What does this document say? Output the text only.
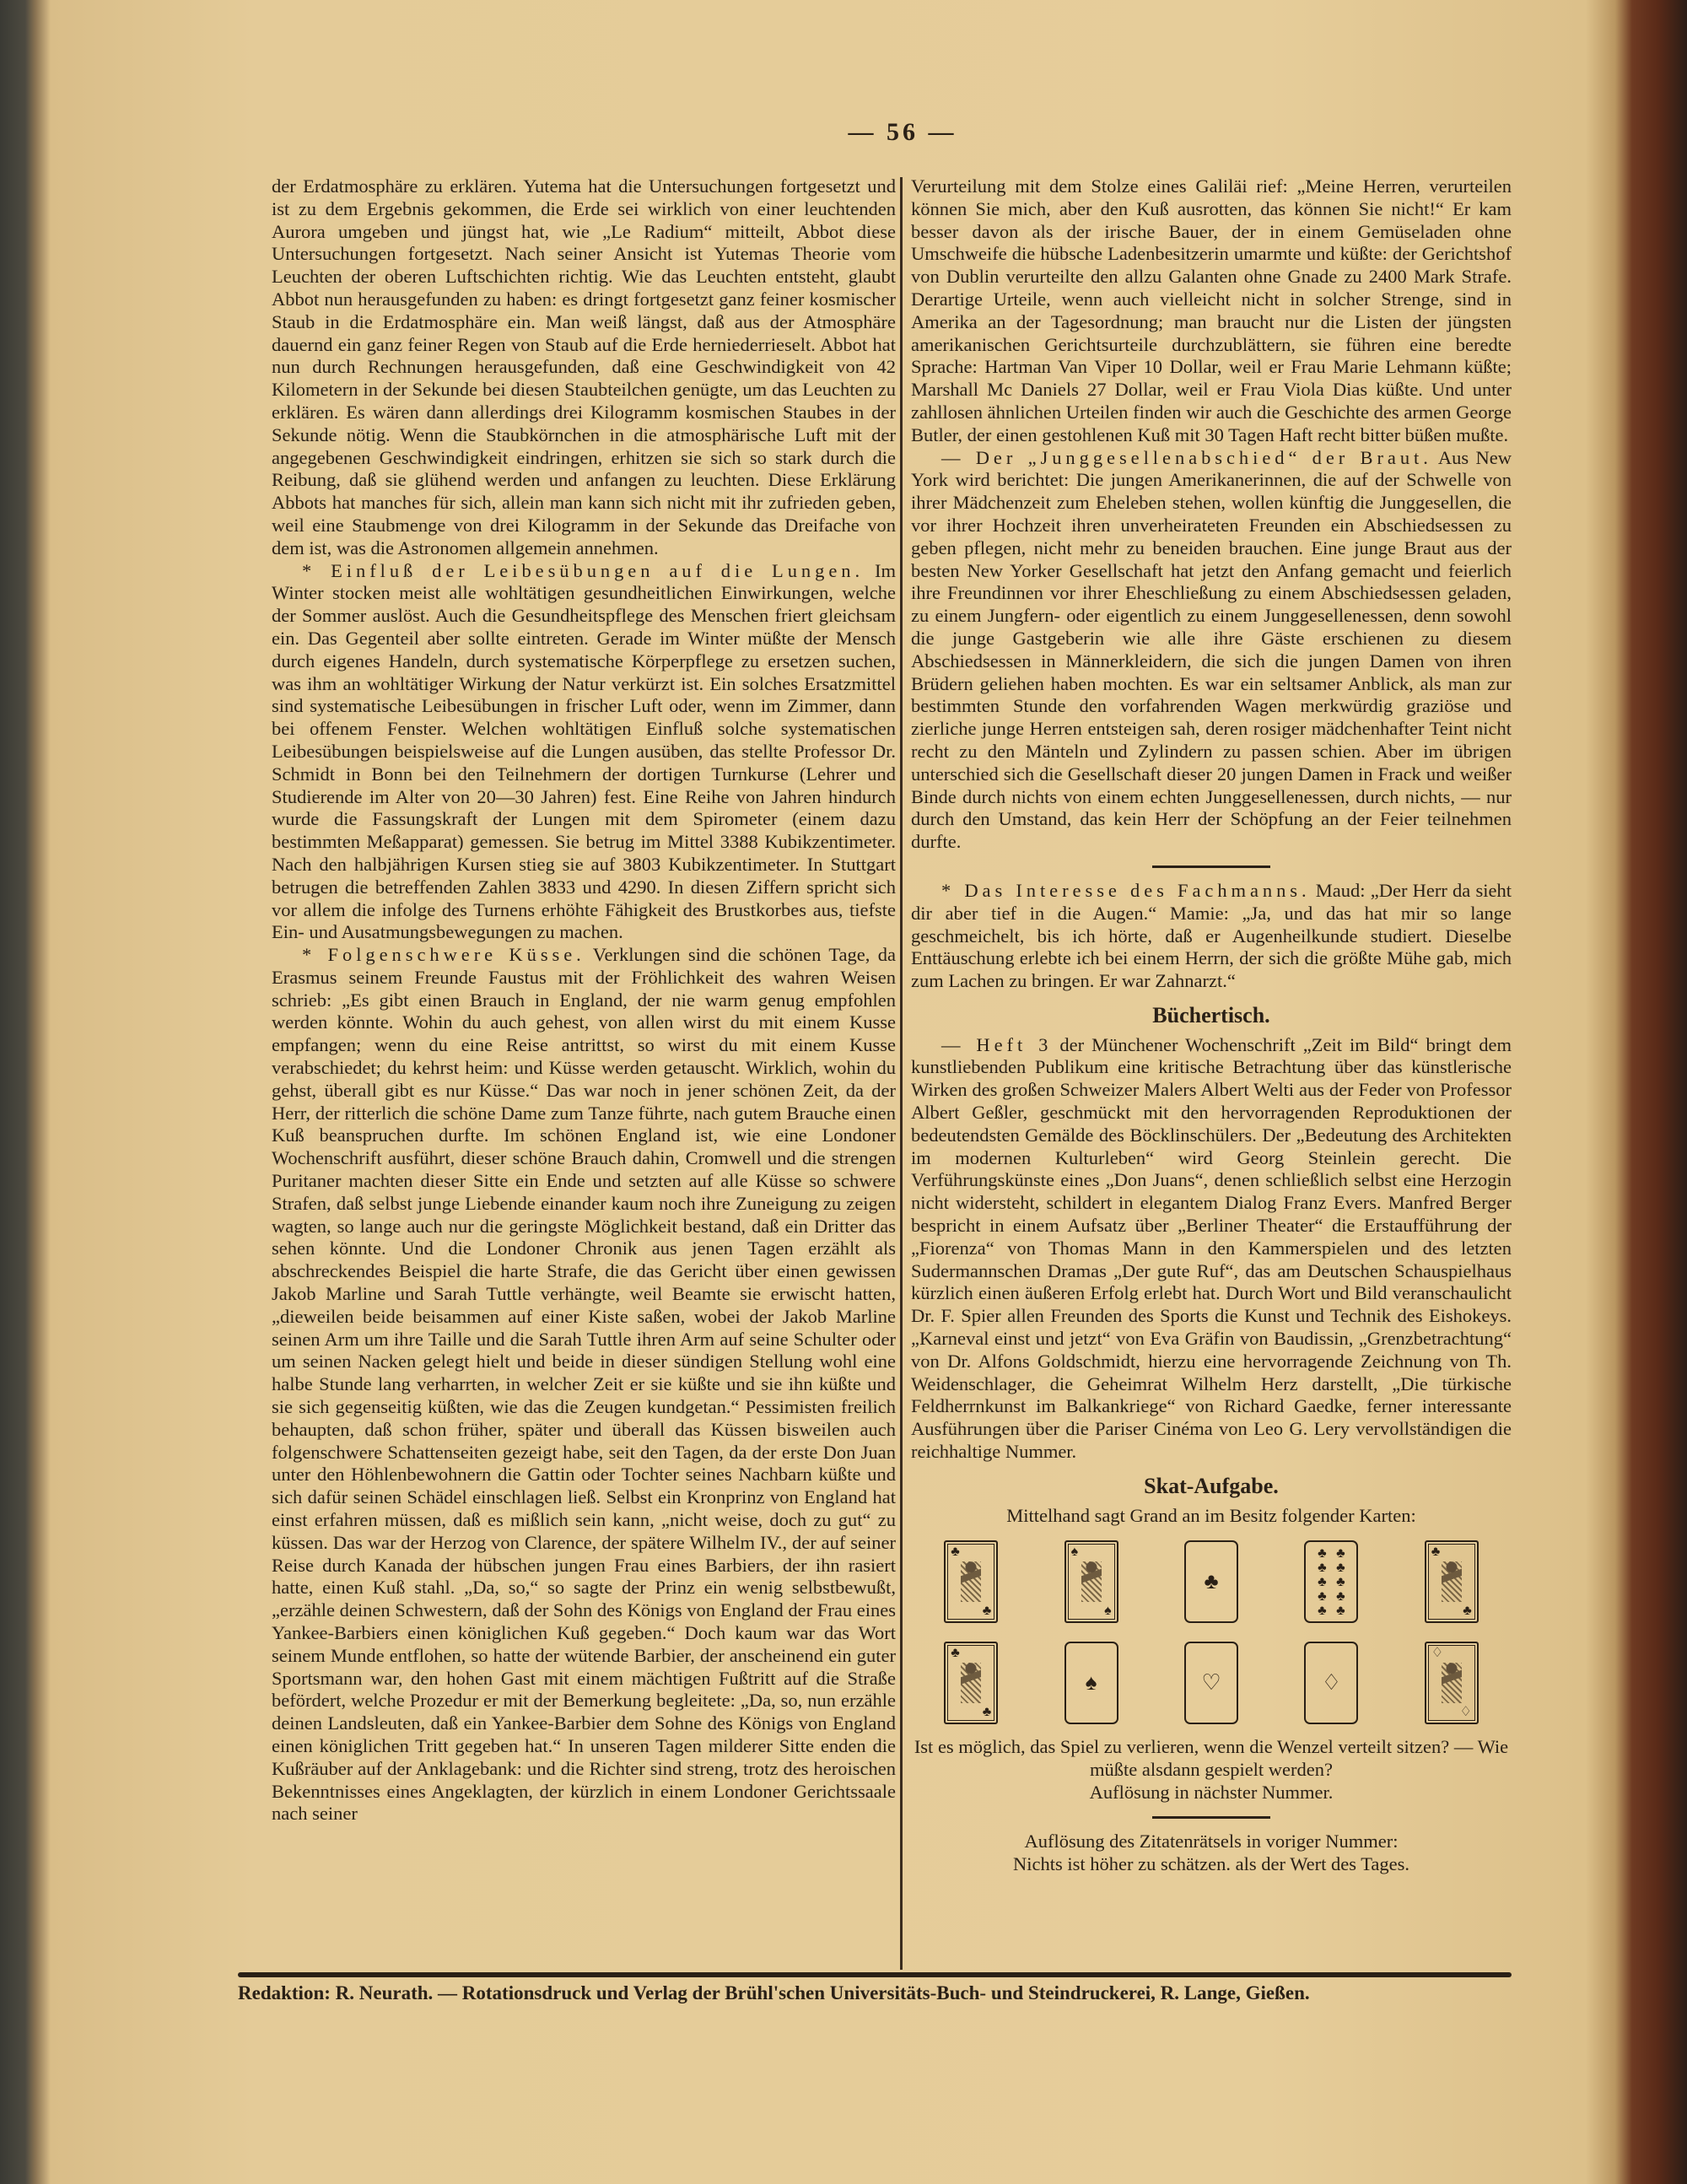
— 56 —

der Erdatmosphäre zu erklären. Yutema hat die Untersuchungen fortgesetzt und ist zu dem Ergebnis gekommen, die Erde sei wirklich von einer leuchtenden Aurora umgeben und jüngst hat, wie „Le Radium“ mitteilt, Abbot diese Untersuchungen fortgesetzt. Nach seiner Ansicht ist Yutemas Theorie vom Leuchten der oberen Luftschichten richtig. Wie das Leuchten entsteht, glaubt Abbot nun herausgefunden zu haben: es dringt fortgesetzt ganz feiner kosmischer Staub in die Erdatmosphäre ein. Man weiß längst, daß aus der Atmosphäre dauernd ein ganz feiner Regen von Staub auf die Erde herniederrieselt. Abbot hat nun durch Rechnungen herausgefunden, daß eine Geschwindigkeit von 42 Kilometern in der Sekunde bei diesen Staubteilchen genügte, um das Leuchten zu erklären. Es wären dann allerdings drei Kilogramm kosmischen Staubes in der Sekunde nötig. Wenn die Staubkörnchen in die atmosphärische Luft mit der angegebenen Geschwindigkeit eindringen, erhitzen sie sich so stark durch die Reibung, daß sie glühend werden und anfangen zu leuchten. Diese Erklärung Abbots hat manches für sich, allein man kann sich nicht mit ihr zufrieden geben, weil eine Staubmenge von drei Kilogramm in der Sekunde das Dreifache von dem ist, was die Astronomen allgemein annehmen.

* Einfluß der Leibesübungen auf die Lungen. Im Winter stocken meist alle wohltätigen gesundheitlichen Einwirkungen, welche der Sommer auslöst. Auch die Gesundheitspflege des Menschen friert gleichsam ein. Das Gegenteil aber sollte eintreten. Gerade im Winter müßte der Mensch durch eigenes Handeln, durch systematische Körperpflege zu ersetzen suchen, was ihm an wohltätiger Wirkung der Natur verkürzt ist. Ein solches Ersatzmittel sind systematische Leibesübungen in frischer Luft oder, wenn im Zimmer, dann bei offenem Fenster. Welchen wohltätigen Einfluß solche systematischen Leibesübungen beispielsweise auf die Lungen ausüben, das stellte Professor Dr. Schmidt in Bonn bei den Teilnehmern der dortigen Turnkurse (Lehrer und Studierende im Alter von 20—30 Jahren) fest. Eine Reihe von Jahren hindurch wurde die Fassungskraft der Lungen mit dem Spirometer (einem dazu bestimmten Meßapparat) gemessen. Sie betrug im Mittel 3388 Kubikzentimeter. Nach den halbjährigen Kursen stieg sie auf 3803 Kubikzentimeter. In Stuttgart betrugen die betreffenden Zahlen 3833 und 4290. In diesen Ziffern spricht sich vor allem die infolge des Turnens erhöhte Fähigkeit des Brustkorbes aus, tiefste Ein- und Ausatmungsbewegungen zu machen.

* Folgenschwere Küsse. Verklungen sind die schönen Tage, da Erasmus seinem Freunde Faustus mit der Fröhlichkeit des wahren Weisen schrieb: „Es gibt einen Brauch in England, der nie warm genug empfohlen werden könnte. Wohin du auch gehest, von allen wirst du mit einem Kusse empfangen; wenn du eine Reise antrittst, so wirst du mit einem Kusse verabschiedet; du kehrst heim: und Küsse werden getauscht. Wirklich, wohin du gehst, überall gibt es nur Küsse.“ Das war noch in jener schönen Zeit, da der Herr, der ritterlich die schöne Dame zum Tanze führte, nach gutem Brauche einen Kuß beanspruchen durfte. Im schönen England ist, wie eine Londoner Wochenschrift ausführt, dieser schöne Brauch dahin, Cromwell und die strengen Puritaner machten dieser Sitte ein Ende und setzten auf alle Küsse so schwere Strafen, daß selbst junge Liebende einander kaum noch ihre Zuneigung zu zeigen wagten, so lange auch nur die geringste Möglichkeit bestand, daß ein Dritter das sehen könnte. Und die Londoner Chronik aus jenen Tagen erzählt als abschreckendes Beispiel die harte Strafe, die das Gericht über einen gewissen Jakob Marline und Sarah Tuttle verhängte, weil Beamte sie erwischt hatten, „dieweilen beide beisammen auf einer Kiste saßen, wobei der Jakob Marline seinen Arm um ihre Taille und die Sarah Tuttle ihren Arm auf seine Schulter oder um seinen Nacken gelegt hielt und beide in dieser sündigen Stellung wohl eine halbe Stunde lang verharrten, in welcher Zeit er sie küßte und sie ihn küßte und sie sich gegenseitig küßten, wie das die Zeugen kundgetan.“ Pessimisten freilich behaupten, daß schon früher, später und überall das Küssen bisweilen auch folgenschwere Schattenseiten gezeigt habe, seit den Tagen, da der erste Don Juan unter den Höhlenbewohnern die Gattin oder Tochter seines Nachbarn küßte und sich dafür seinen Schädel einschlagen ließ. Selbst ein Kronprinz von England hat einst erfahren müssen, daß es mißlich sein kann, „nicht weise, doch zu gut“ zu küssen. Das war der Herzog von Clarence, der spätere Wilhelm IV., der auf seiner Reise durch Kanada der hübschen jungen Frau eines Barbiers, der ihn rasiert hatte, einen Kuß stahl. „Da, so,“ so sagte der Prinz ein wenig selbstbewußt, „erzähle deinen Schwestern, daß der Sohn des Königs von England der Frau eines Yankee-Barbiers einen königlichen Kuß gegeben.“ Doch kaum war das Wort seinem Munde entflohen, so hatte der wütende Barbier, der anscheinend ein guter Sportsmann war, den hohen Gast mit einem mächtigen Fußtritt auf die Straße befördert, welche Prozedur er mit der Bemerkung begleitete: „Da, so, nun erzähle deinen Landsleuten, daß ein Yankee-Barbier dem Sohne des Königs von England einen königlichen Tritt gegeben hat.“ In unseren Tagen milderer Sitte enden die Kußräuber auf der Anklagebank: und die Richter sind streng, trotz des heroischen Bekenntnisses eines Angeklagten, der kürzlich in einem Londoner Gerichtssaale nach seiner

Verurteilung mit dem Stolze eines Galiläi rief: „Meine Herren, verurteilen können Sie mich, aber den Kuß ausrotten, das können Sie nicht!“ Er kam besser davon als der irische Bauer, der in einem Gemüseladen ohne Umschweife die hübsche Ladenbesitzerin umarmte und küßte: der Gerichtshof von Dublin verurteilte den allzu Galanten ohne Gnade zu 2400 Mark Strafe. Derartige Urteile, wenn auch vielleicht nicht in solcher Strenge, sind in Amerika an der Tagesordnung; man braucht nur die Listen der jüngsten amerikanischen Gerichtsurteile durchzublättern, sie führen eine beredte Sprache: Hartman Van Viper 10 Dollar, weil er Frau Marie Lehmann küßte; Marshall Mc Daniels 27 Dollar, weil er Frau Viola Dias küßte. Und unter zahllosen ähnlichen Urteilen finden wir auch die Geschichte des armen George Butler, der einen gestohlenen Kuß mit 30 Tagen Haft recht bitter büßen mußte.

— Der „Junggesellenabschied“ der Braut. Aus New York wird berichtet: Die jungen Amerikanerinnen, die auf der Schwelle von ihrer Mädchenzeit zum Eheleben stehen, wollen künftig die Junggesellen, die vor ihrer Hochzeit ihren unverheirateten Freunden ein Abschiedsessen zu geben pflegen, nicht mehr zu beneiden brauchen. Eine junge Braut aus der besten New Yorker Gesellschaft hat jetzt den Anfang gemacht und feierlich ihre Freundinnen vor ihrer Eheschließung zu einem Abschiedsessen geladen, zu einem Jungfern- oder eigentlich zu einem Junggesellenessen, denn sowohl die junge Gastgeberin wie alle ihre Gäste erschienen zu diesem Abschiedsessen in Männerkleidern, die sich die jungen Damen von ihren Brüdern geliehen haben mochten. Es war ein seltsamer Anblick, als man zur bestimmten Stunde den vorfahrenden Wagen merkwürdig graziöse und zierliche junge Herren entsteigen sah, deren rosiger mädchenhafter Teint nicht recht zu den Mänteln und Zylindern zu passen schien. Aber im übrigen unterschied sich die Gesellschaft dieser 20 jungen Damen in Frack und weißer Binde durch nichts von einem echten Junggesellenessen, durch nichts, — nur durch den Umstand, das kein Herr der Schöpfung an der Feier teilnehmen durfte.

* Das Interesse des Fachmanns. Maud: „Der Herr da sieht dir aber tief in die Augen.“ Mamie: „Ja, und das hat mir so lange geschmeichelt, bis ich hörte, daß er Augenheilkunde studiert. Dieselbe Enttäuschung erlebte ich bei einem Herrn, der sich die größte Mühe gab, mich zum Lachen zu bringen. Er war Zahnarzt.“

Büchertisch.

— Heft 3 der Münchener Wochenschrift „Zeit im Bild“ bringt dem kunstliebenden Publikum eine kritische Betrachtung über das künstlerische Wirken des großen Schweizer Malers Albert Welti aus der Feder von Professor Albert Geßler, geschmückt mit den hervorragenden Reproduktionen der bedeutendsten Gemälde des Böcklinschülers. Der „Bedeutung des Architekten im modernen Kulturleben“ wird Georg Steinlein gerecht. Die Verführungskünste eines „Don Juans“, denen schließlich selbst eine Herzogin nicht widersteht, schildert in elegantem Dialog Franz Evers. Manfred Berger bespricht in einem Aufsatz über „Berliner Theater“ die Erstaufführung der „Fiorenza“ von Thomas Mann in den Kammerspielen und des letzten Sudermannschen Dramas „Der gute Ruf“, das am Deutschen Schauspielhaus kürzlich einen äußeren Erfolg erlebt hat. Durch Wort und Bild veranschaulicht Dr. F. Spier allen Freunden des Sports die Kunst und Technik des Eishokeys. „Karneval einst und jetzt“ von Eva Gräfin von Baudissin, „Grenzbetrachtung“ von Dr. Alfons Goldschmidt, hierzu eine hervorragende Zeichnung von Th. Weidenschlager, die Geheimrat Wilhelm Herz darstellt, „Die türkische Feldherrnkunst im Balkankriege“ von Richard Gaedke, ferner interessante Ausführungen über die Pariser Cinéma von Leo G. Lery vervollständigen die reichhaltige Nummer.

Skat-Aufgabe.

Mittelhand sagt Grand an im Besitz folgender Karten:

♣
♣
♠
♠
♣
♣ ♣
♣ ♣
♣ ♣
♣ ♣
♣ ♣
♣
♣
♣
♣
♠	♡	♢
♢
♢

Ist es möglich, das Spiel zu verlieren, wenn die Wenzel verteilt sitzen? — Wie müßte alsdann gespielt werden?

Auflösung in nächster Nummer.

Auflösung des Zitatenrätsels in voriger Nummer:

Nichts ist höher zu schätzen. als der Wert des Tages.

Redaktion: R. Neurath. — Rotationsdruck und Verlag der Brühl'schen Universitäts-Buch- und Steindruckerei, R. Lange, Gießen.
